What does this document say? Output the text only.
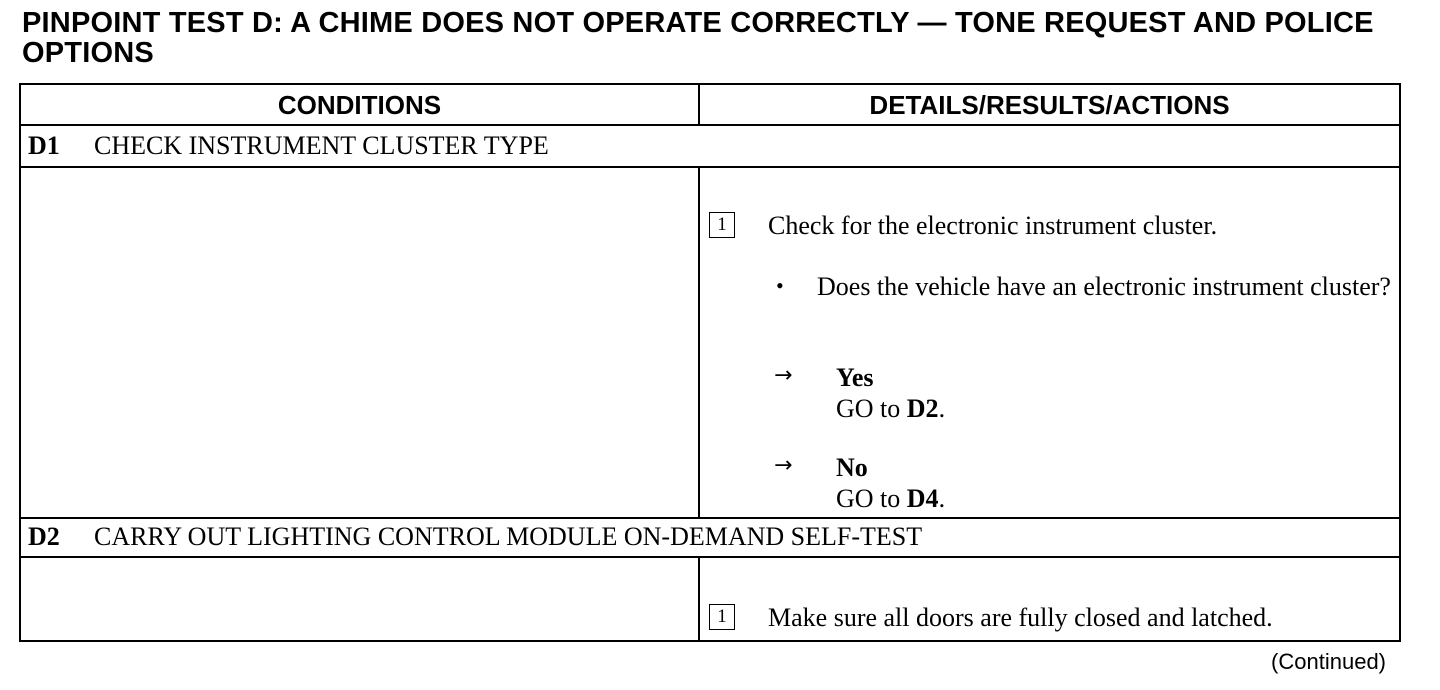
PINPOINT TEST D: A CHIME DOES NOT OPERATE CORRECTLY — TONE REQUEST AND POLICE OPTIONS
CONDITIONS	DETAILS/RESULTS/ACTIONS
D1 CHECK INSTRUMENT CLUSTER TYPE
1	Check for the electronic instrument cluster.
• Does the vehicle have an electronic instrument cluster?
→ Yes
GO to D2.
→ No
GO to D4.
D2 CARRY OUT LIGHTING CONTROL MODULE ON-DEMAND SELF-TEST
1	Make sure all doors are fully closed and latched.
(Continued)
